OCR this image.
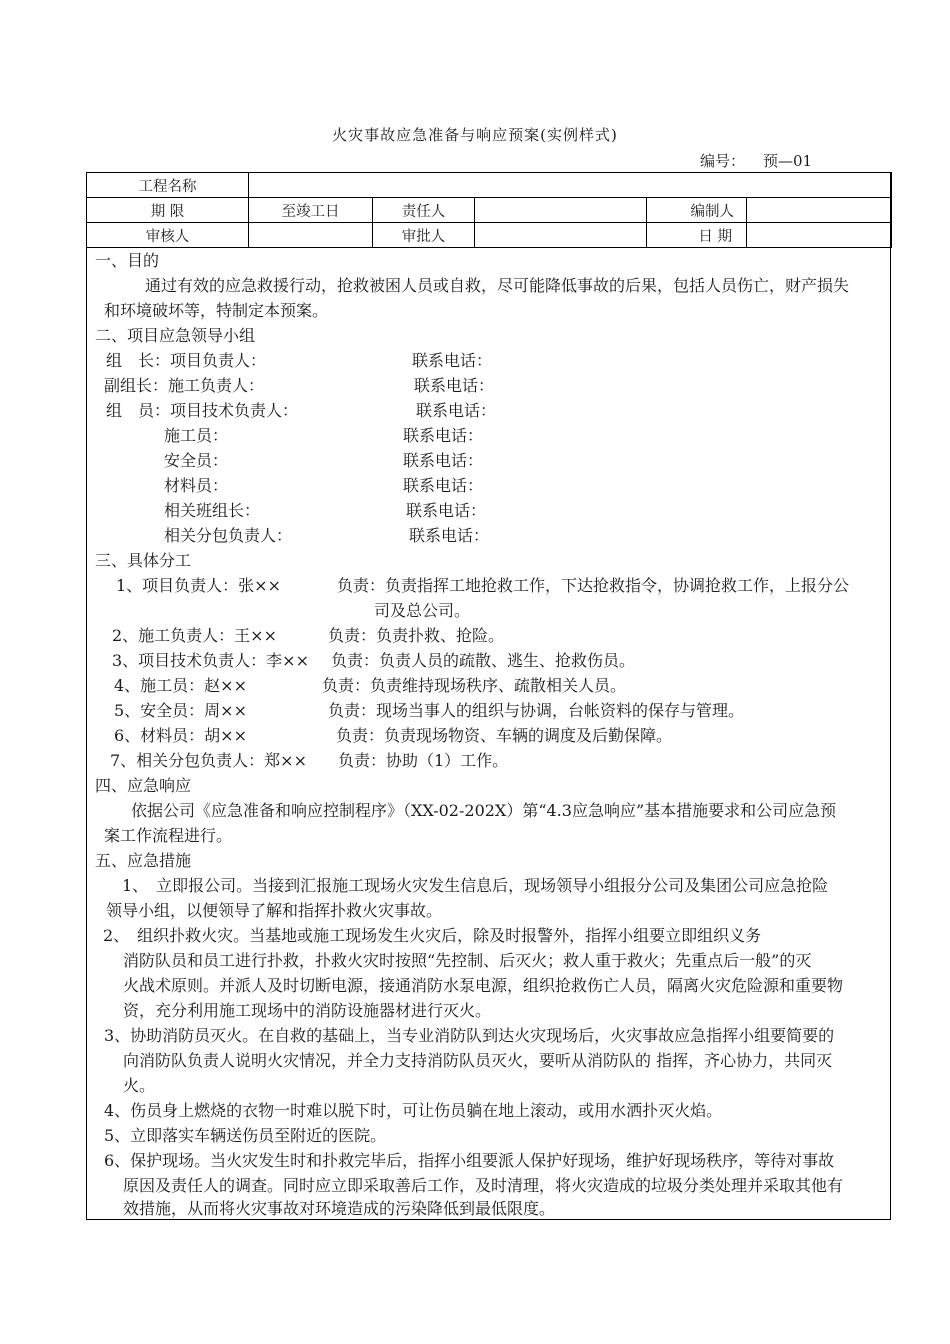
火灾事故应急准备与响应预案(实例样式)
编号： 预—01
工程名称					
期 限	至竣工日	责任人		编制人	
审核人		审批人		日 期	
一、目的
通过有效的应急救援行动，抢救被困人员或自救，尽可能降低事故的后果，包括人员伤亡，财产损失
和环境破坏等，特制定本预案。
二、项目应急领导小组
组　长：项目负责人：	联系电话：
副组长：施工负责人：	联系电话：
组　员：项目技术负责人：	联系电话：
施工员：	联系电话：
安全员：	联系电话：
材料员：	联系电话：
相关班组长：	联系电话：
相关分包负责人：	联系电话：
三、具体分工
1、项目负责人：张××	负责：负责指挥工地抢救工作，下达抢救指令，协调抢救工作，上报分公
司及总公司。
2、施工负责人：王××	负责：负责扑救、抢险。
3、项目技术负责人：李×× 负责：负责人员的疏散、逃生、抢救伤员。
4、施工员：赵××	负责：负责维持现场秩序、疏散相关人员。
5、安全员：周××	负责：现场当事人的组织与协调，台帐资料的保存与管理。
6、材料员：胡××	负责：负责现场物资、车辆的调度及后勤保障。
7、相关分包负责人：郑×× 负责：协助（1）工作。
四、应急响应
依据公司《应急准备和响应控制程序》（XX-02-202X）第“4.3应急响应”基本措施要求和公司应急预
案工作流程进行。
五、应急措施
1、　立即报公司。当接到汇报施工现场火灾发生信息后，现场领导小组报分公司及集团公司应急抢险
领导小组，以便领导了解和指挥扑救火灾事故。
2、　组织扑救火灾。当基地或施工现场发生火灾后，除及时报警外，指挥小组要立即组织义务
消防队员和员工进行扑救，扑救火灾时按照“先控制、后灭火；救人重于救火；先重点后一般”的灭
火战术原则。并派人及时切断电源，接通消防水泵电源，组织抢救伤亡人员，隔离火灾危险源和重要物
资，充分利用施工现场中的消防设施器材进行灭火。
3、协助消防员灭火。在自救的基础上，当专业消防队到达火灾现场后，火灾事故应急指挥小组要简要的
向消防队负责人说明火灾情况，并全力支持消防队员灭火，要听从消防队的 指挥，齐心协力，共同灭
火。
4、伤员身上燃烧的衣物一时难以脱下时，可让伤员躺在地上滚动，或用水洒扑灭火焰。
5、立即落实车辆送伤员至附近的医院。
6、保护现场。当火灾发生时和扑救完毕后，指挥小组要派人保护好现场，维护好现场秩序，等待对事故
原因及责任人的调查。同时应立即采取善后工作，及时清理，将火灾造成的垃圾分类处理并采取其他有
效措施，从而将火灾事故对环境造成的污染降低到最低限度。
